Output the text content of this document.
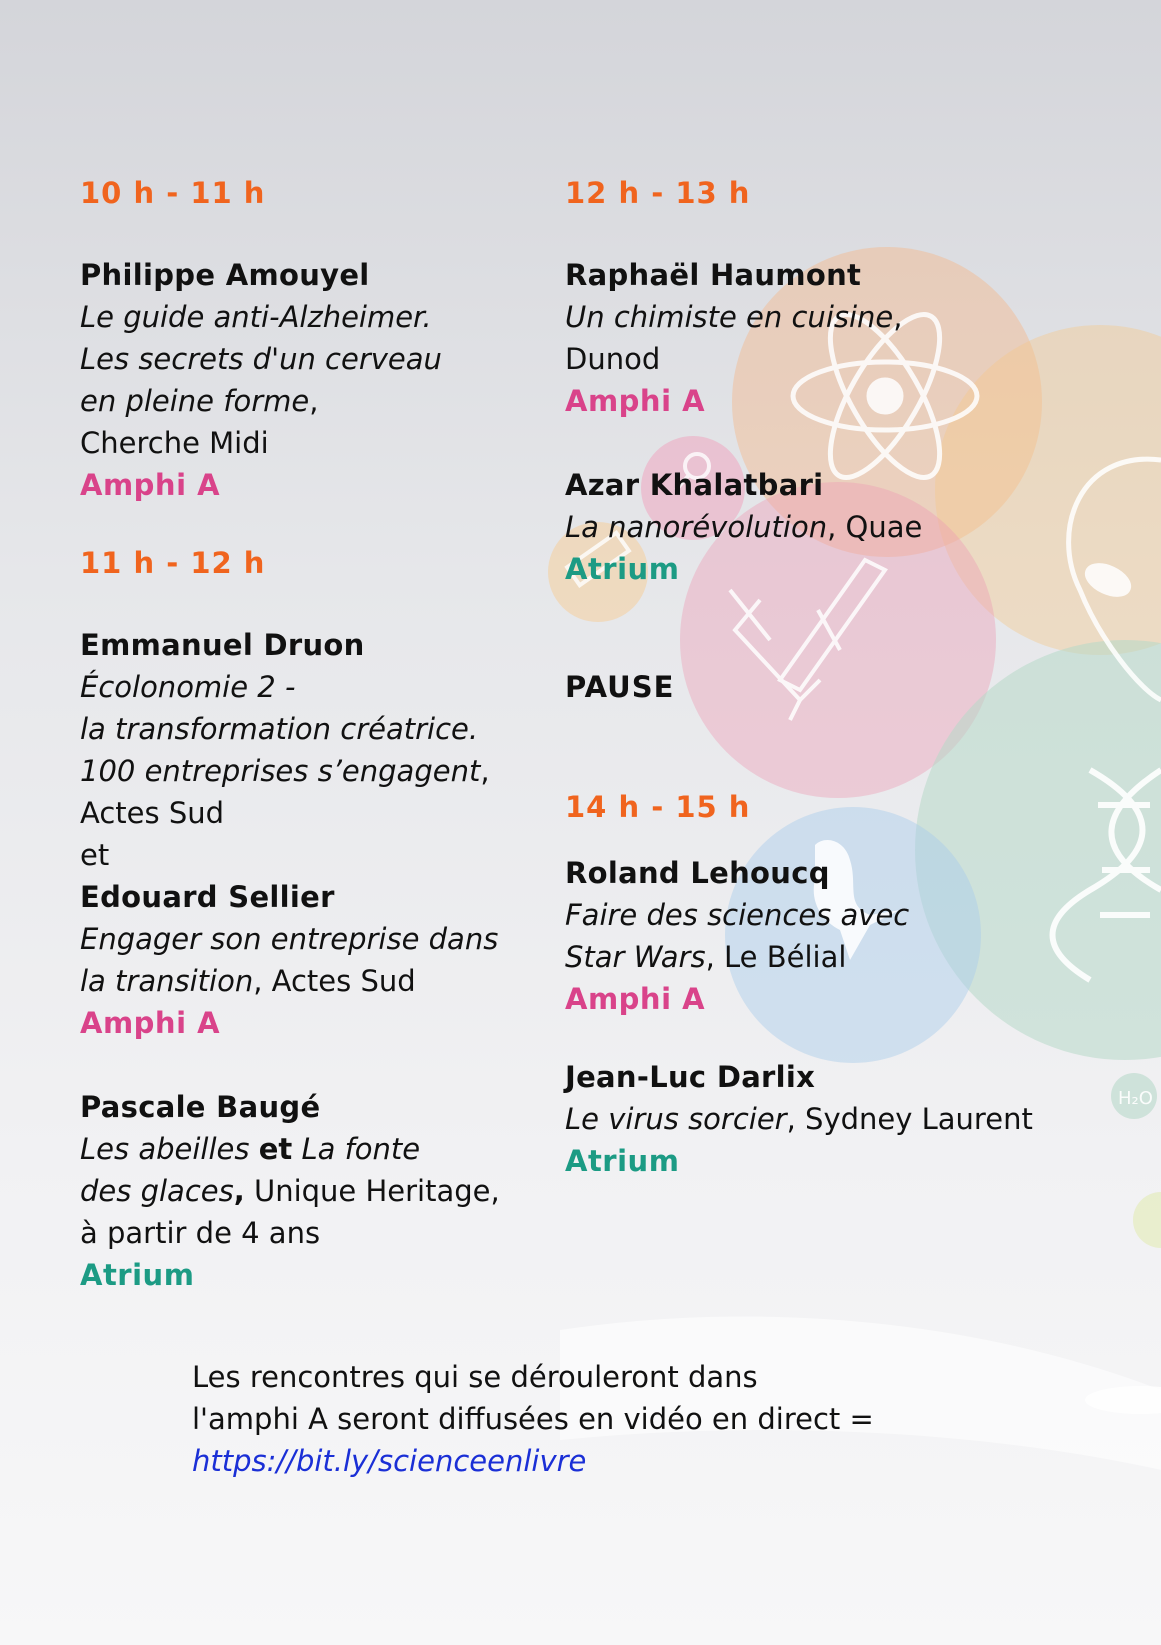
H₂O
10 h - 11 h
Philippe Amouyel
Le guide anti-Alzheimer.
Les secrets d'un cerveau
en pleine forme,
Cherche Midi
Amphi A
11 h - 12 h
Emmanuel Druon
Écolonomie 2 -
la transformation créatrice.
100 entreprises s’engagent,
Actes Sud
et
Edouard Sellier
Engager son entreprise dans
la transition, Actes Sud
Amphi A
Pascale Baugé
Les abeilles et La fonte
des glaces, Unique Heritage,
à partir de 4 ans
Atrium
12 h - 13 h
Raphaël Haumont
Un chimiste en cuisine,
Dunod
Amphi A
Azar Khalatbari
La nanorévolution, Quae
Atrium
PAUSE
14 h - 15 h
Roland Lehoucq
Faire des sciences avec
Star Wars, Le Bélial
Amphi A
Jean-Luc Darlix
Le virus sorcier, Sydney Laurent
Atrium
Les rencontres qui se dérouleront dans
l'amphi A seront diffusées en vidéo en direct =
https://bit.ly/scienceenlivre
